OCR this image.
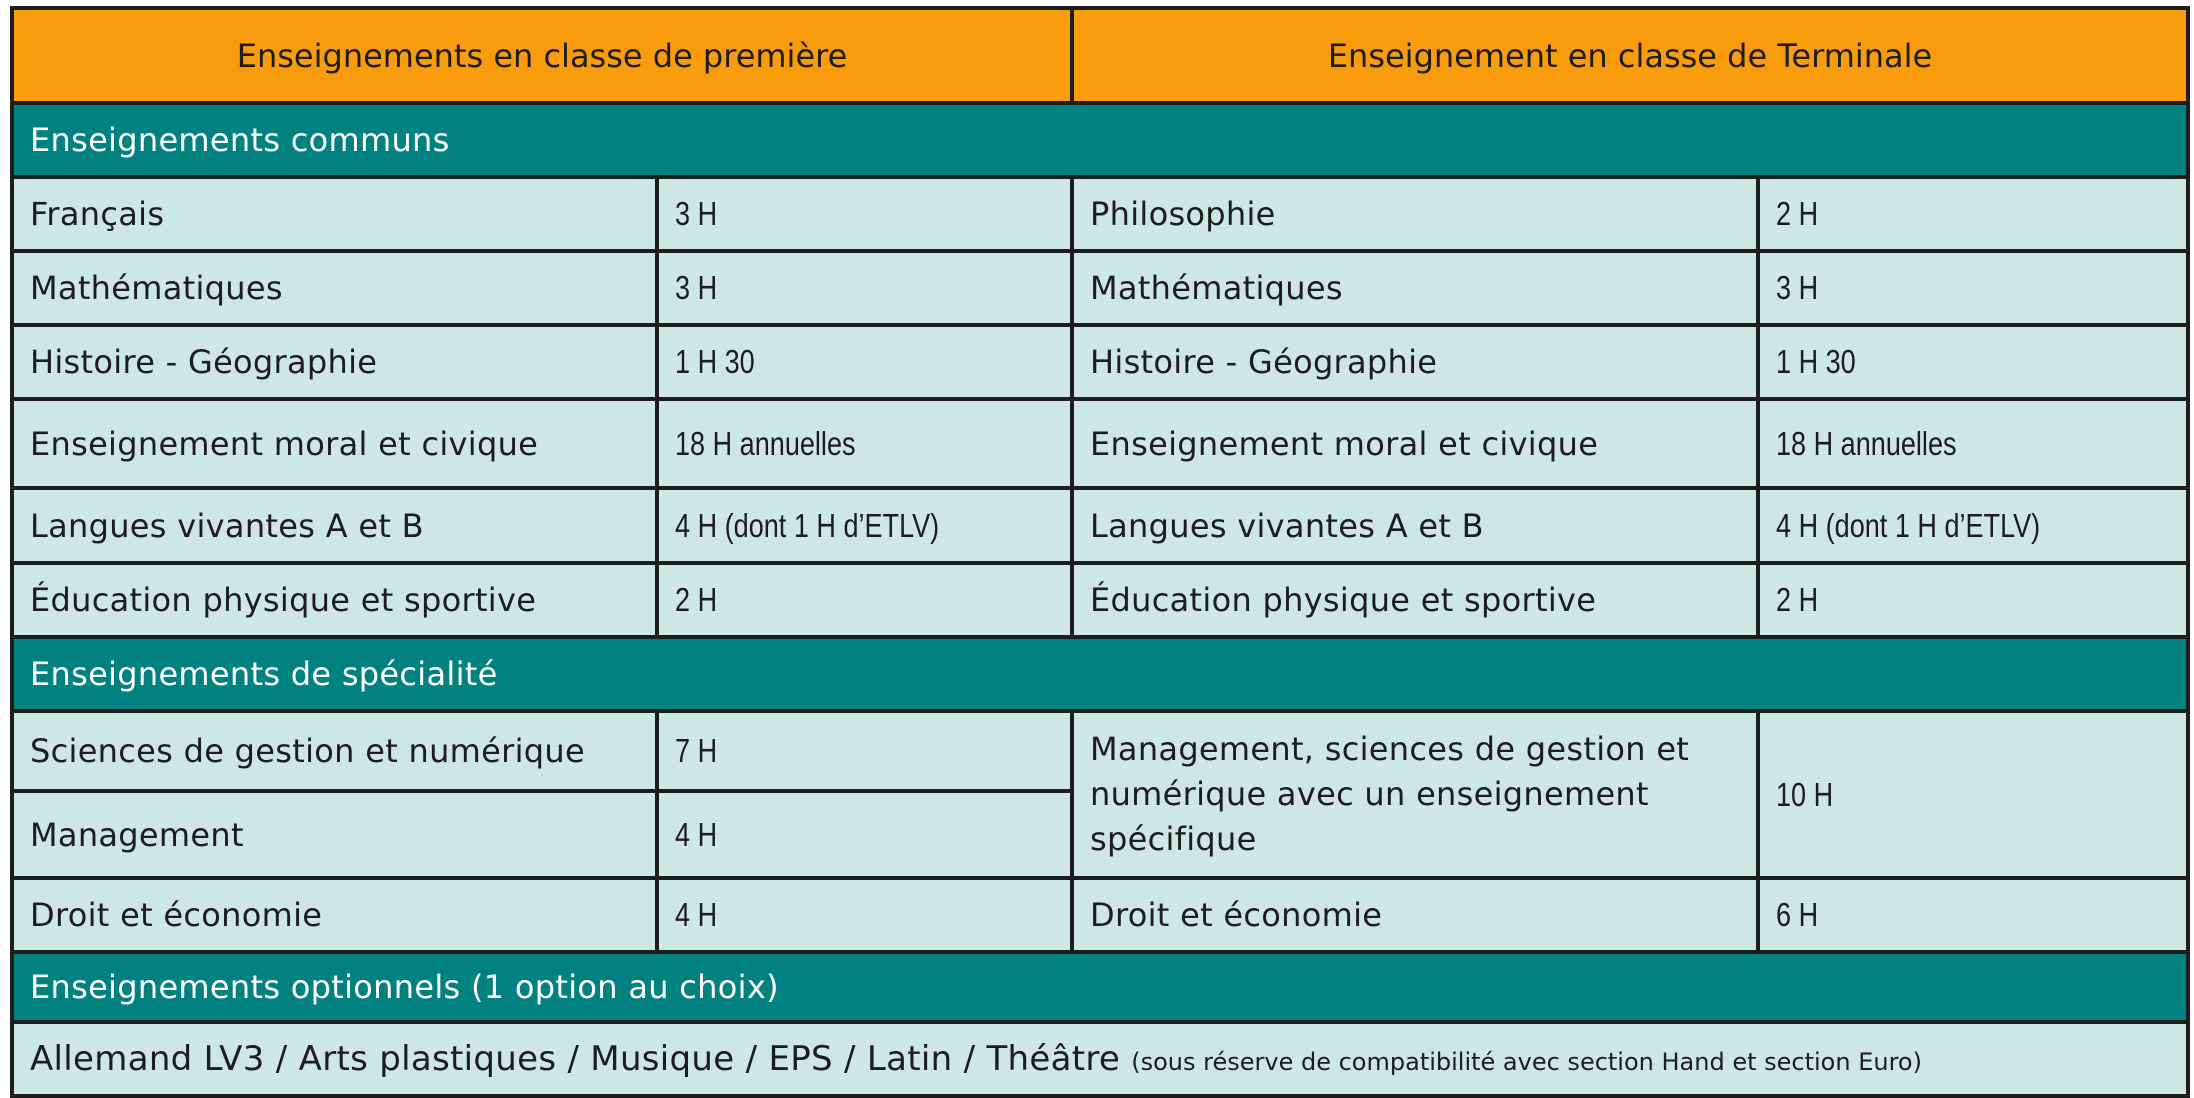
Enseignements en classe de première		Enseignement en classe de Terminale	
Enseignements communs			
Français	3 H	Philosophie	2 H
Mathématiques	3 H	Mathématiques	3 H
Histoire - Géographie	1 H 30	Histoire - Géographie	1 H 30
Enseignement moral et civique	18 H annuelles	Enseignement moral et civique	18 H annuelles
Langues vivantes A et B	4 H (dont 1 H d’ETLV)	Langues vivantes A et B	4 H (dont 1 H d’ETLV)
Éducation physique et sportive	2 H	Éducation physique et sportive	2 H
Enseignements de spécialité			
Sciences de gestion et numérique	7 H	Management, sciences de gestion et numérique avec un enseignement spécifique	10 H
Management	4 H		
Droit et économie	4 H	Droit et économie	6 H
Enseignements optionnels (1 option au choix)			
Allemand LV3 / Arts plastiques / Musique / EPS / Latin / Théâtre (sous réserve de compatibilité avec section Hand et section Euro)			
